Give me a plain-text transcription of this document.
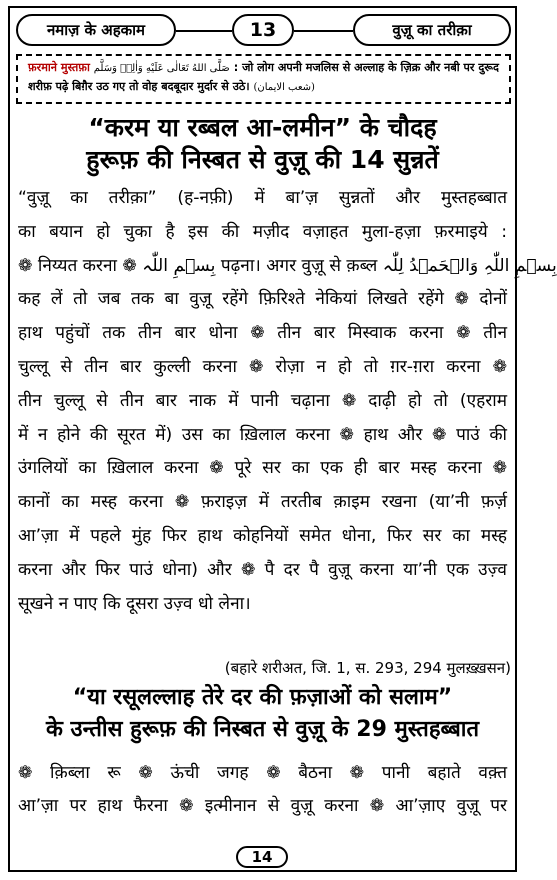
नमाज़ के अहकाम	13	वुज़ू का तरीक़ा
फ़रमाने मुस्तफ़ा صَلَّى اللهُ تَعَالٰى عَلَيْهِ وَاٰلِهٖ وَسَلَّم : जो लोग अपनी मजलिस से अल्लाह के ज़िक्र और नबी पर दुरूद
शरीफ़ पढ़े बिग़ैर उठ गए तो वोह बदबूदार मुर्दार से उठे। (شعب الایمان)
“करम या रब्बल आ-लमीन” के चौदह
हुरूफ़ की निस्बत से वुज़ू की 14 सुन्नतें
“वुज़ू का तरीक़ा” (ह-नफ़ी) में बा’ज़ सुन्नतों और मुस्तहब्बात
का बयान हो चुका है इस की मज़ीद वज़ाहत मुला-हज़ा फ़रमाइये :
❁ निय्यत करना ❁ بِسۡمِ اللّٰہ पढ़ना। अगर वुज़ू से क़ब्ल بِسۡمِ اللّٰہِ وَالۡحَمۡدُ لِلّٰہ
कह लें तो जब तक बा वुज़ू रहेंगे फ़िरिश्ते नेकियां लिखते रहेंगे ❁ दोनों
हाथ पहुंचों तक तीन बार धोना ❁ तीन बार मिस्वाक करना ❁ तीन
चुल्लू से तीन बार कुल्ली करना ❁ रोज़ा न हो तो ग़र-ग़रा करना ❁
तीन चुल्लू से तीन बार नाक में पानी चढ़ाना ❁ दाढ़ी हो तो (एहराम
में न होने की सूरत में) उस का ख़िलाल करना ❁ हाथ और ❁ पाउं की
उंगलियों का ख़िलाल करना ❁ पूरे सर का एक ही बार मस्ह करना ❁
कानों का मस्ह करना ❁ फ़राइज़ में तरतीब क़ाइम रखना (या’नी फ़र्ज़
आ’ज़ा में पहले मुंह फिर हाथ कोहनियों समेत धोना, फिर सर का मस्ह
करना और फिर पाउं धोना) और ❁ पै दर पै वुज़ू करना या’नी एक उज़्व
सूखने न पाए कि दूसरा उज़्व धो लेना।
(बहारे शरीअत, जि. 1, स. 293, 294 मुलख़्ख़सन)
“या रसूलल्लाह तेरे दर की फ़ज़ाओं को सलाम”
के उन्तीस हुरूफ़ की निस्बत से वुज़ू के 29 मुस्तहब्बात
❁ क़िब्ला रू ❁ ऊंची जगह ❁ बैठना ❁ पानी बहाते वक़्त
आ’ज़ा पर हाथ फैरना ❁ इत्मीनान से वुज़ू करना ❁ आ’ज़ाए वुज़ू पर
14
